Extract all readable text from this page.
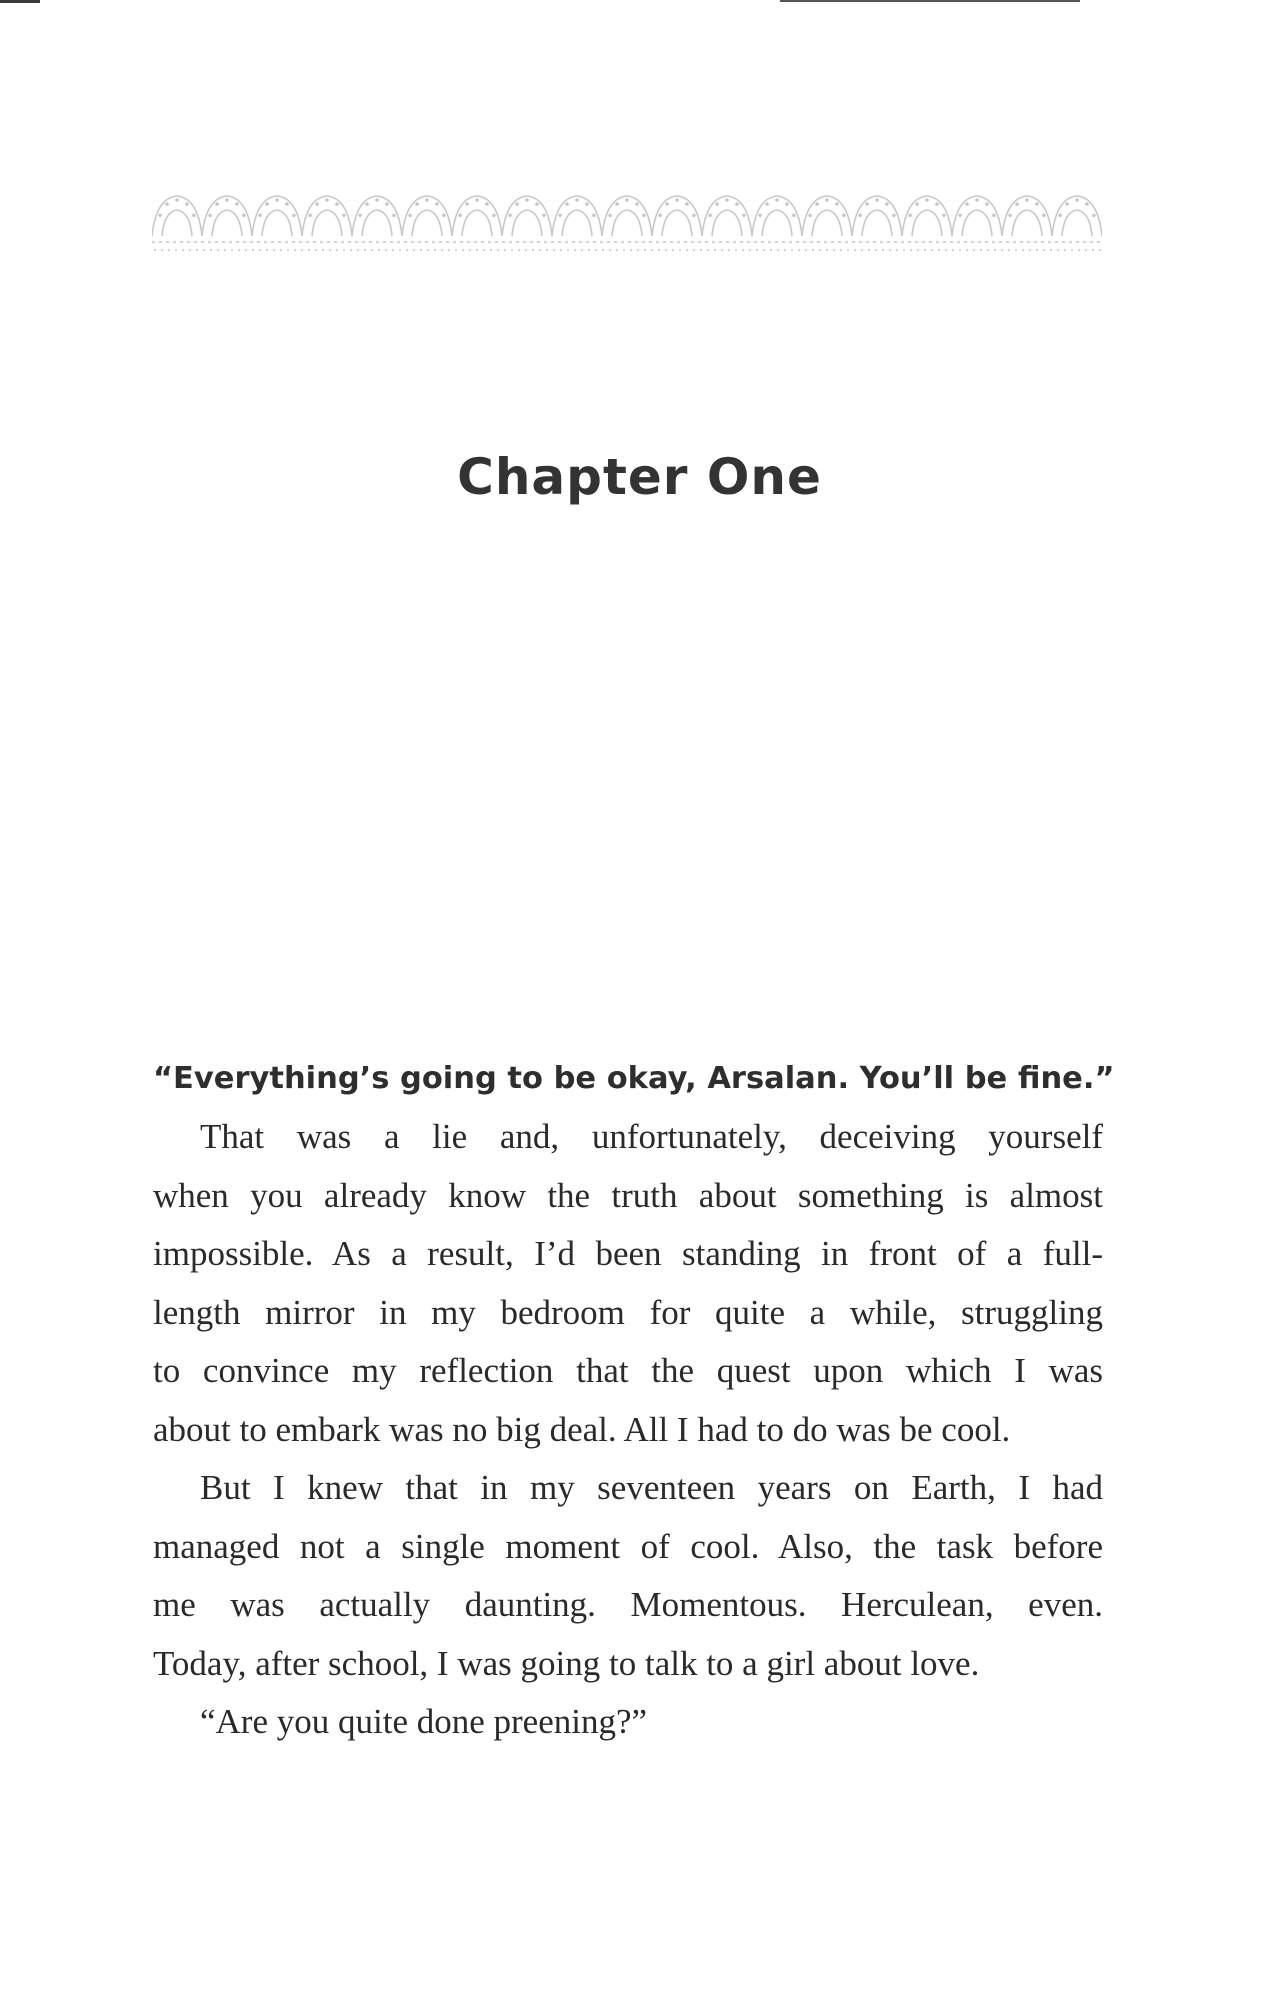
Chapter One
“Everything’s going to be okay, Arsalan. You’ll be fine.”
That was a lie and, unfortunately, deceiving yourself
when you already know the truth about something is almost
impossible. As a result, I’d been standing in front of a full-
length mirror in my bedroom for quite a while, struggling
to convince my reflection that the quest upon which I was
about to embark was no big deal. All I had to do was be cool.
But I knew that in my seventeen years on Earth, I had
managed not a single moment of cool. Also, the task before
me was actually daunting. Momentous. Herculean, even.
Today, after school, I was going to talk to a girl about love.
“Are you quite done preening?”
